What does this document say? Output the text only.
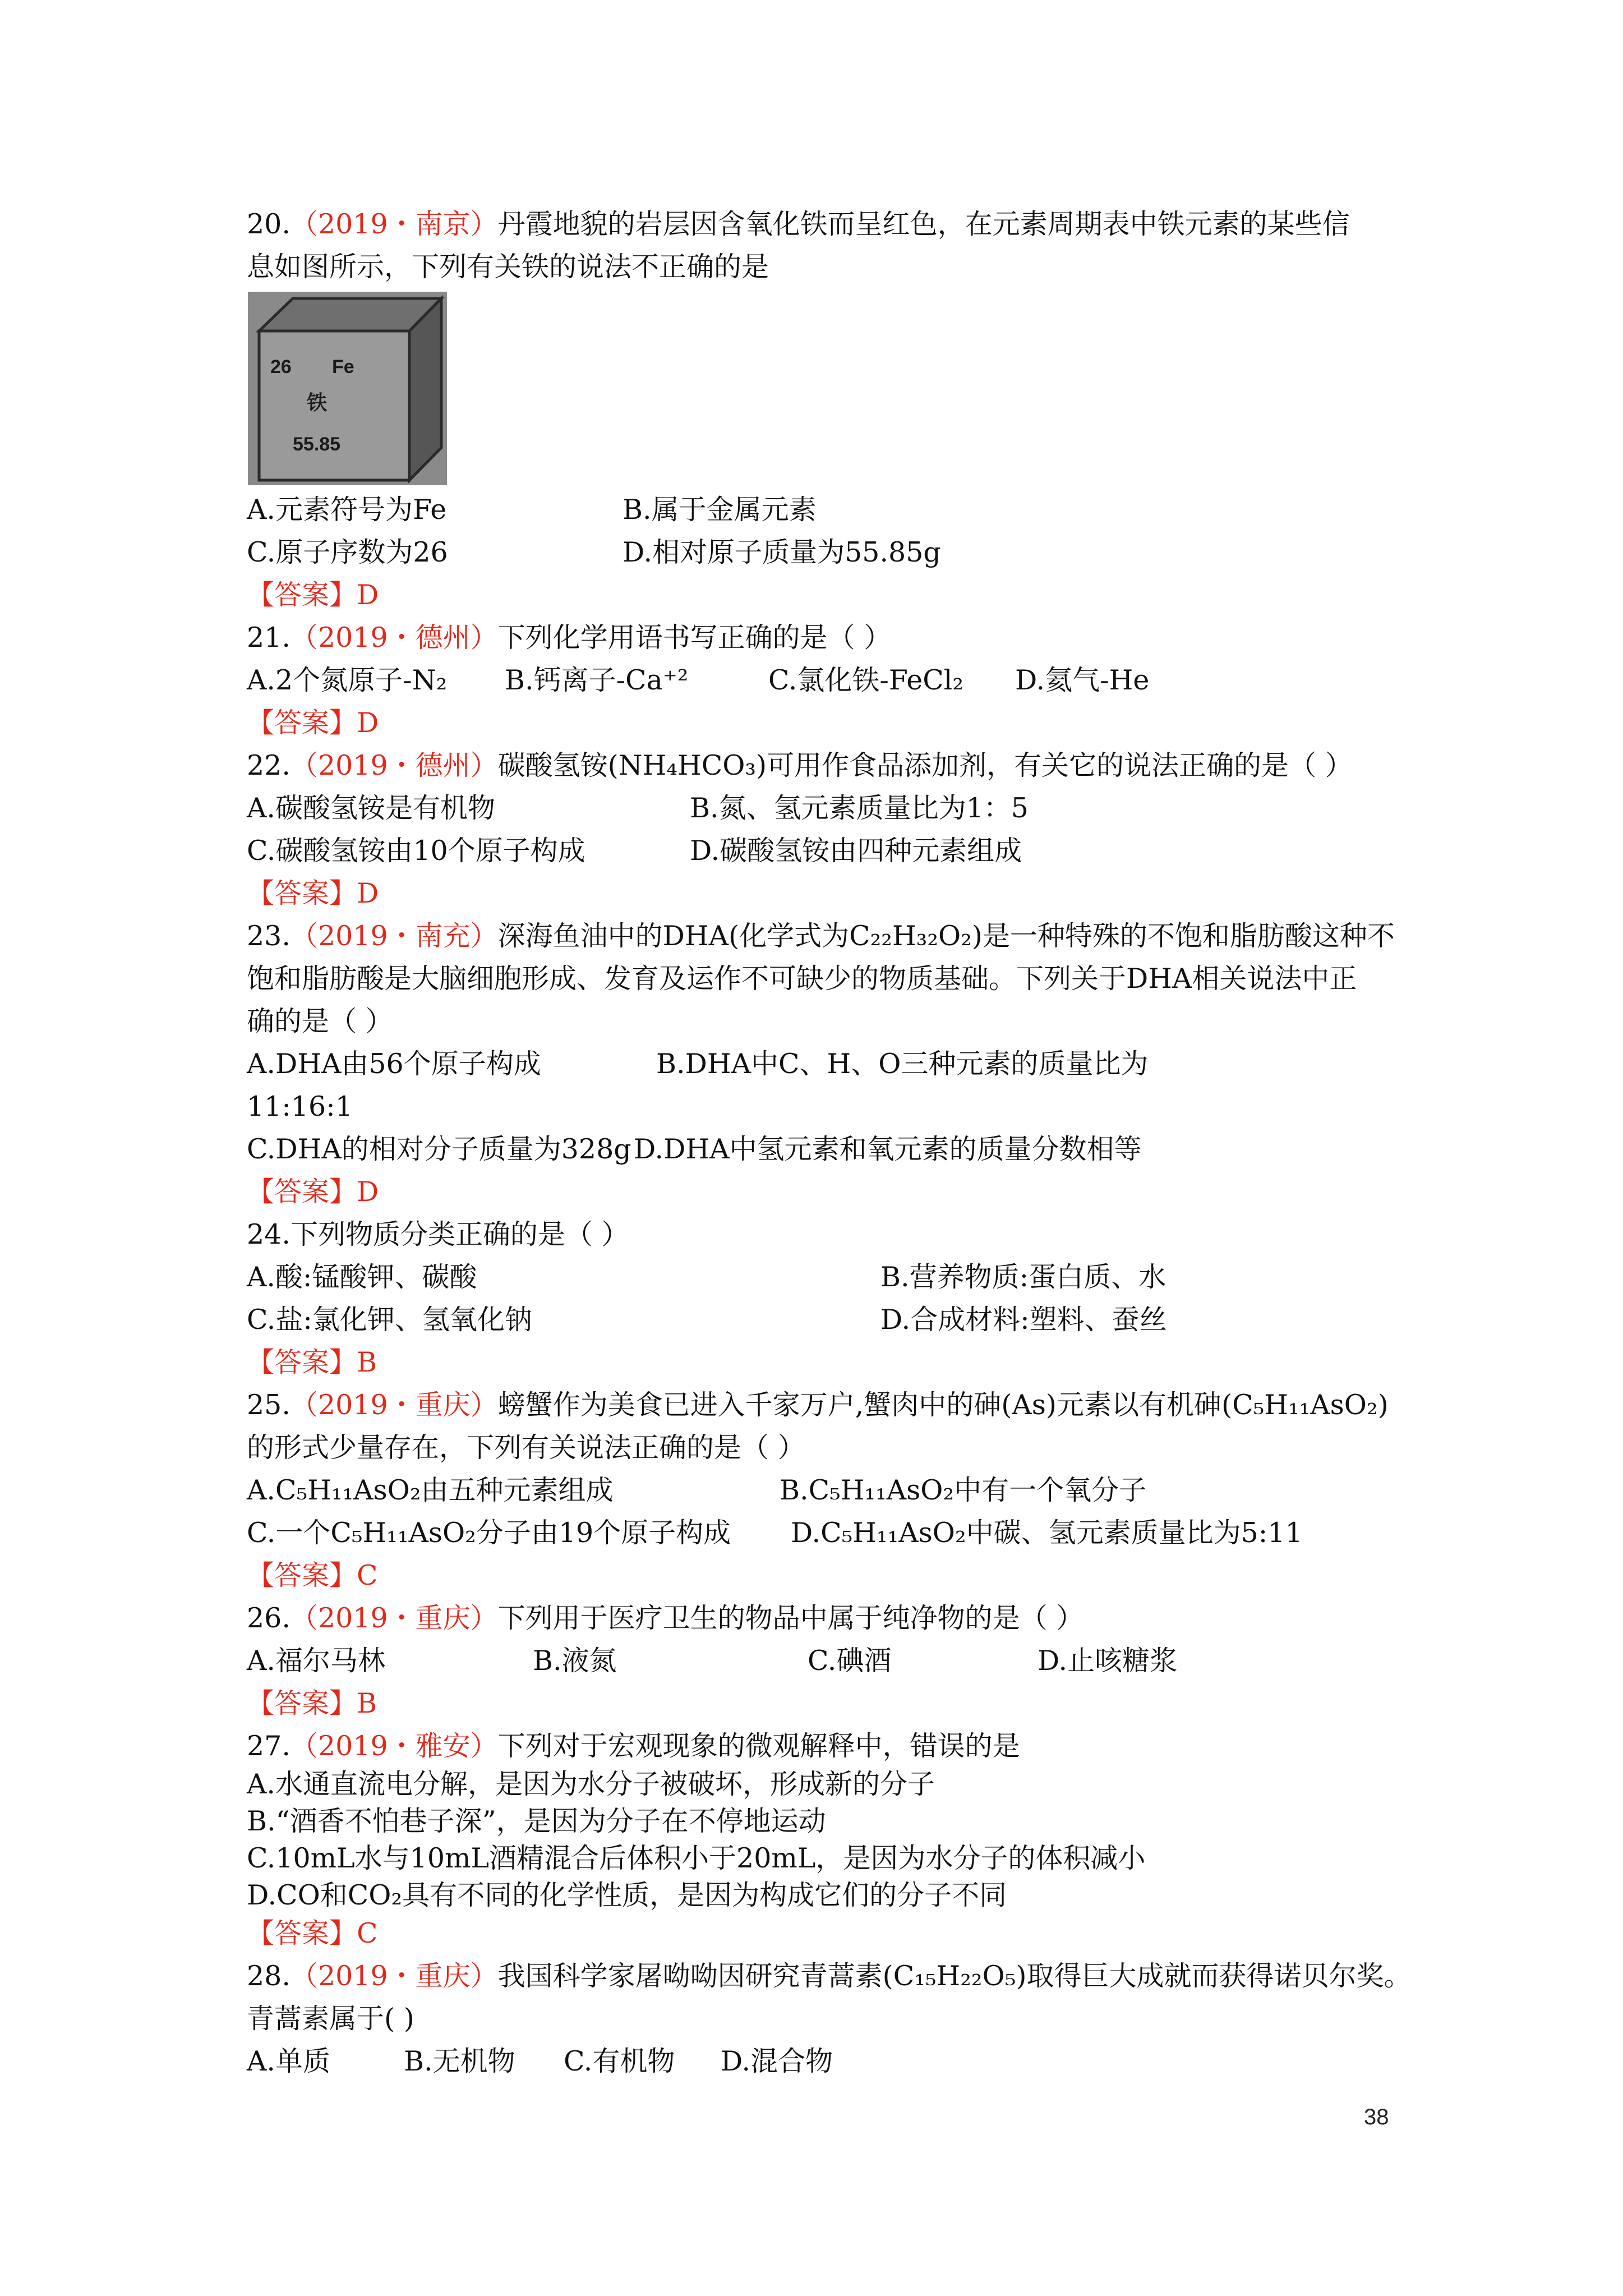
20.（2019・南京）丹霞地貌的岩层因含氧化铁而呈红色，在元素周期表中铁元素的某些信
息如图所示，下列有关铁的说法不正确的是
26 Fe
铁
55.85
A.元素符号为Fe	B.属于金属元素
C.原子序数为26	D.相对原子质量为55.85g
【答案】D
21.（2019・德州）下列化学用语书写正确的是（ ）
A.2个氮原子-N₂ B.钙离子-Ca⁺²	C.氯化铁-FeCl₂ D.氦气-He
【答案】D
22.（2019・德州）碳酸氢铵(NH₄HCO₃)可用作食品添加剂，有关它的说法正确的是（ ）
A.碳酸氢铵是有机物	B.氮、氢元素质量比为1：5
C.碳酸氢铵由10个原子构成	D.碳酸氢铵由四种元素组成
【答案】D
23.（2019・南充）深海鱼油中的DHA(化学式为C₂₂H₃₂O₂)是一种特殊的不饱和脂肪酸这种不
饱和脂肪酸是大脑细胞形成、发育及运作不可缺少的物质基础。下列关于DHA相关说法中正
确的是（ ）
A.DHA由56个原子构成	B.DHA中C、H、O三种元素的质量比为
11:16:1
C.DHA的相对分子质量为328g D.DHA中氢元素和氧元素的质量分数相等
【答案】D
24.下列物质分类正确的是（ ）
A.酸:锰酸钾、碳酸	B.营养物质:蛋白质、水
C.盐:氯化钾、氢氧化钠	D.合成材料:塑料、蚕丝
【答案】B
25.（2019・重庆）螃蟹作为美食已进入千家万户,蟹肉中的砷(As)元素以有机砷(C₅H₁₁AsO₂)
的形式少量存在，下列有关说法正确的是（ ）
A.C₅H₁₁AsO₂由五种元素组成	B.C₅H₁₁AsO₂中有一个氧分子
C.一个C₅H₁₁AsO₂分子由19个原子构成 D.C₅H₁₁AsO₂中碳、氢元素质量比为5:11
【答案】C
26.（2019・重庆）下列用于医疗卫生的物品中属于纯净物的是（ ）
A.福尔马林	B.液氮	C.碘酒	D.止咳糖浆
【答案】B
27.（2019・雅安）下列对于宏观现象的微观解释中，错误的是
A.水通直流电分解，是因为水分子被破坏，形成新的分子
B.“酒香不怕巷子深”，是因为分子在不停地运动
C.10mL水与10mL酒精混合后体积小于20mL，是因为水分子的体积减小
D.CO和CO₂具有不同的化学性质，是因为构成它们的分子不同
【答案】C
28.（2019・重庆）我国科学家屠呦呦因研究青蒿素(C₁₅H₂₂O₅)取得巨大成就而获得诺贝尔奖。
青蒿素属于( )
A.单质	B.无机物 C.有机物 D.混合物
38
